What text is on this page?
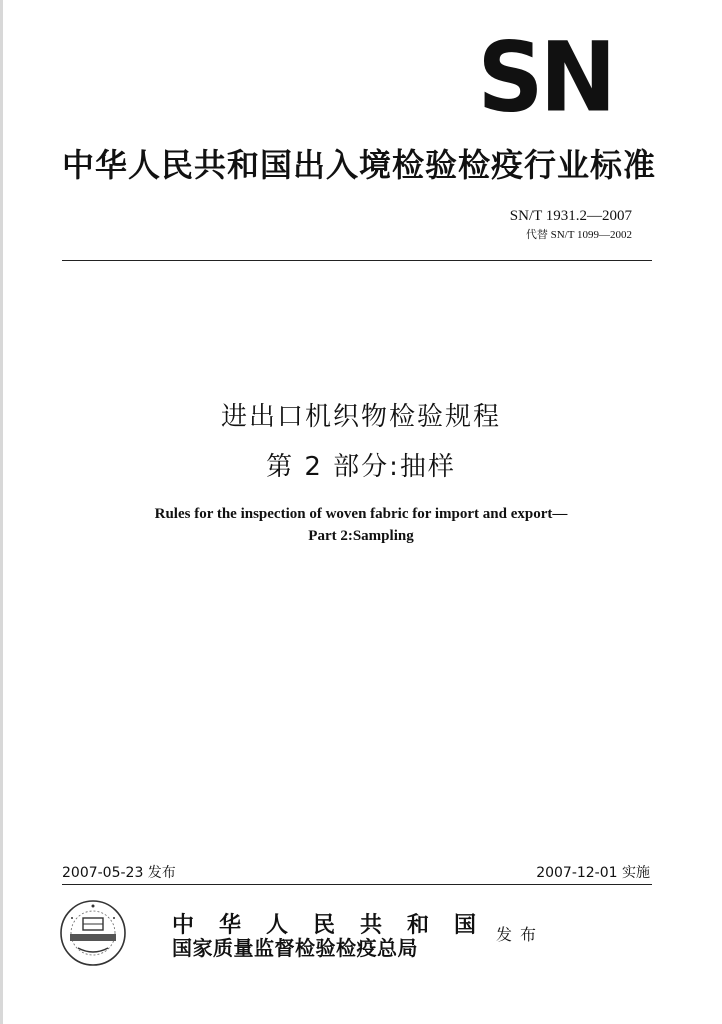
SN
中华人民共和国出入境检验检疫行业标准
SN/T 1931.2—2007
代替 SN/T 1099—2002
进出口机织物检验规程
第 2 部分:抽样
Rules for the inspection of woven fabric for import and export—
Part 2:Sampling
2007-05-23 发布	2007-12-01 实施
中华人民共和国
国家质量监督检验检疫总局
发布
